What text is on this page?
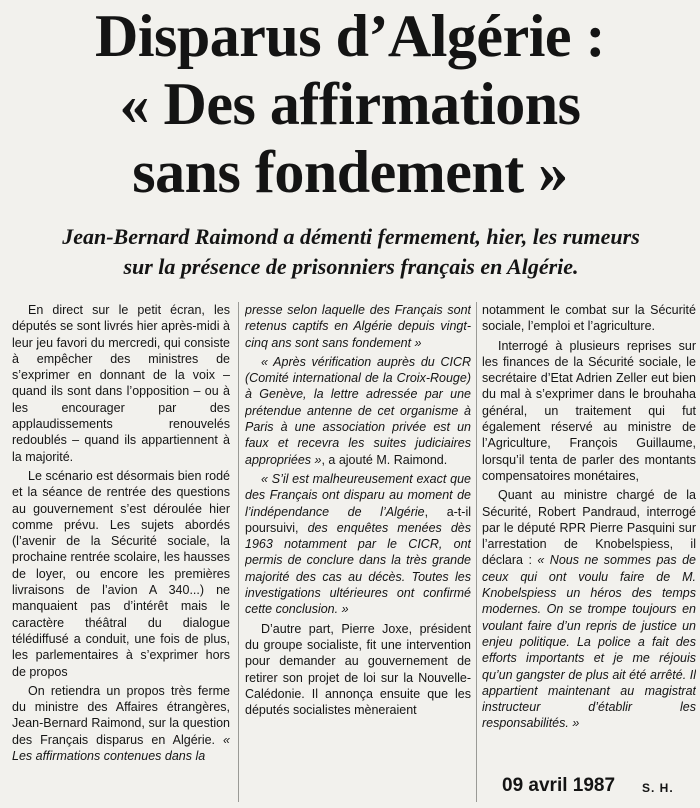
Disparus d’Algérie :
« Des affirmations
sans fondement »
Jean-Bernard Raimond a démenti fermement, hier, les rumeurs
sur la présence de prisonniers français en Algérie.

En direct sur le petit écran, les députés se sont livrés hier après-midi à leur jeu favori du mercredi, qui consiste à empêcher des ministres de s’exprimer en donnant de la voix – quand ils sont dans l’opposition – ou à les encourager par des applaudissements renouvelés redoublés – quand ils appartiennent à la majorité.

Le scénario est désormais bien rodé et la séance de rentrée des questions au gouvernement s’est déroulée hier comme prévu. Les sujets abordés (l’avenir de la Sécurité sociale, la prochaine rentrée scolaire, les hausses de loyer, ou encore les premières livraisons de l’avion A 340...) ne manquaient pas d’intérêt mais le caractère théâtral du dialogue télédiffusé a conduit, une fois de plus, les parlementaires à s’exprimer hors de propos

On retiendra un propos très ferme du ministre des Affaires étrangères, Jean-Bernard Raimond, sur la question des Français disparus en Algérie. « Les affirmations contenues dans la

presse selon laquelle des Français sont retenus captifs en Algérie depuis vingt-cinq ans sont sans fondement »

« Après vérification auprès du CICR (Comité international de la Croix-Rouge) à Genève, la lettre adressée par une prétendue antenne de cet organisme à Paris à une association privée est un faux et recevra les suites judiciaires appropriées », a ajouté M. Raimond.

« S’il est malheureusement exact que des Français ont disparu au moment de l’indépendance de l’Algérie, a-t-il poursuivi, des enquêtes menées dès 1963 notamment par le CICR, ont permis de conclure dans la très grande majorité des cas au décès. Toutes les investigations ultérieures ont confirmé cette conclusion. »

D’autre part, Pierre Joxe, président du groupe socialiste, fit une intervention pour demander au gouvernement de retirer son projet de loi sur la Nouvelle-Calédonie. Il annonça ensuite que les députés socialistes mèneraient

notamment le combat sur la Sécurité sociale, l’emploi et l’agriculture.

Interrogé à plusieurs reprises sur les finances de la Sécurité sociale, le secrétaire d’Etat Adrien Zeller eut bien du mal à s’exprimer dans le brouhaha général, un traitement qui fut également réservé au ministre de l’Agriculture, François Guillaume, lorsqu’il tenta de parler des montants compensatoires monétaires,

Quant au ministre chargé de la Sécurité, Robert Pandraud, interrogé par le député RPR Pierre Pasquini sur l’arrestation de Knobelspiess, il déclara : « Nous ne sommes pas de ceux qui ont voulu faire de M. Knobelspiess un héros des temps modernes. On se trompe toujours en voulant faire d’un repris de justice un enjeu politique. La police a fait des efforts importants et je me réjouis qu’un gangster de plus ait été arrêté. Il appartient maintenant au magistrat instructeur d’établir les responsabilités. »

09 avril 1987 S. H.
